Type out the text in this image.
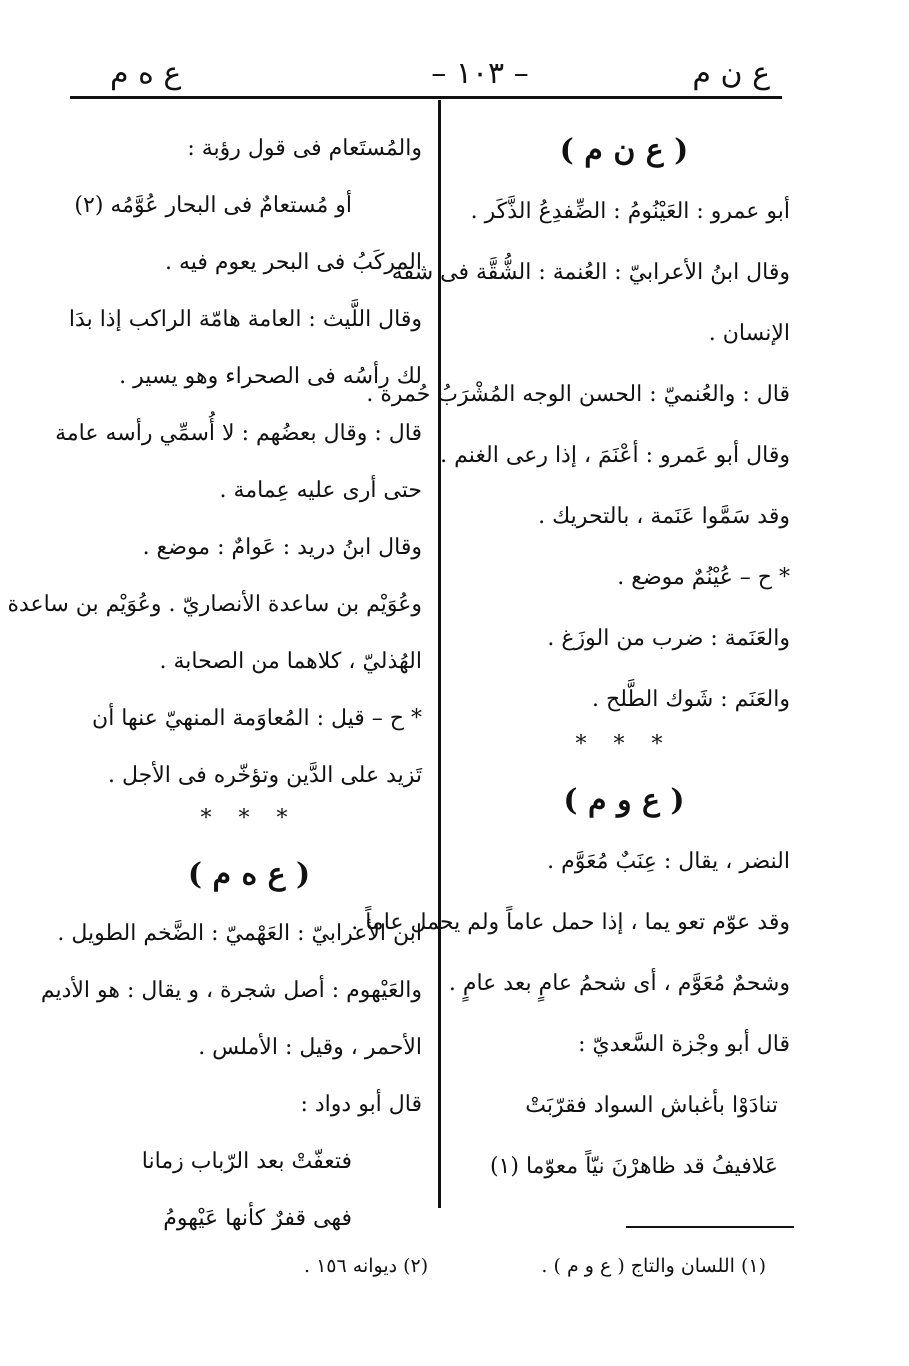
ع ن م
– ١٠٣ –
ع ه م
( ع ن م )
أبو عمرو : العَيْنُومُ : الضِّفدِعُ الذَّكَر .
وقال ابنُ الأعرابيّ : العُنمة : الشُّقَّة فى شفة
الإنسان .
قال : والعُنميّ : الحسن الوجه المُشْرَبُ حُمرة .
وقال أبو عَمرو : أعْنَمَ ، إذا رعى الغنم .
وقد سَمَّوا عَنَمة ، بالتحريك .
* ح – عُيْنُمٌ موضع .
والعَنَمة : ضرب من الوزَغ .
والعَنَم : شَوك الطَّلح .
* * *
( ع و م )
النضر ، يقال : عِنَبٌ مُعَوَّم .
وقد عوّم تعو يما ، إذا حمل عاماً ولم يحمل عاماً .
وشحمٌ مُعَوَّم ، أى شحمُ عامٍ بعد عامٍ .
قال أبو وجْزة السَّعديّ :
تنادَوْا بأغباش السواد فقرّبَتْ
عَلافيفُ قد ظاهرْنَ نيّاً معوّما (١)
والمُستَعام فى قول رؤبة :
أو مُستعامٌ فى البحار عُوَّمُه (٢)
المركَبُ فى البحر يعوم فيه .
وقال اللَّيث : العامة هامّة الراكب إذا بدَا
لك رأسُه فى الصحراء وهو يسير .
قال : وقال بعضُهم : لا أُسمِّي رأسه عامة
حتى أرى عليه عِمامة .
وقال ابنُ دريد : عَوامٌ : موضع .
وعُوَيْم بن ساعدة الأنصاريّ . وعُوَيْم بن ساعدة
الهُذليّ ، كلاهما من الصحابة .
* ح – قيل : المُعاوَمة المنهيّ عنها أن
تَزيد على الدَّين وتؤخّره فى الأجل .
* * *
( ع ه م )
ابن الأعرابيّ : العَهْميّ : الضَّخم الطويل .
والعَيْهوم : أصل شجرة ، و يقال : هو الأديم
الأحمر ، وقيل : الأملس .
قال أبو دواد :
فتعفّتْ بعد الرّباب زمانا
فهى قفرٌ كأنها عَيْهومُ
(١) اللسان والتاج ( ع و م ) .
(٢) ديوانه ١٥٦ .
